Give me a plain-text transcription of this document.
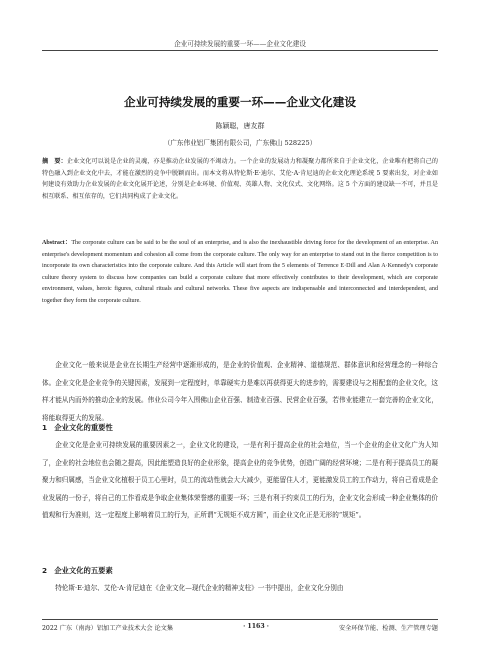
企业可持续发展的重要一环——企业文化建设
企业可持续发展的重要一环——企业文化建设
陈颖聪，唐友群
（广东伟业铝厂集团有限公司，广东佛山 528225）
摘　要：企业文化可以说是企业的灵魂，亦是推动企业发展的不竭动力。一个企业的发展动力和凝聚力都所来自于企业文化，企业唯有把将自己的特色融入到企业文化中去，才能在激烈的竞争中脱颖而出。而本文将从特伦斯·E·迪尔、艾伦·A·肯尼迪的企业文化理论系统 5 要素出发，对企业如何建设有效助力企业发展的企业文化展开论述，分别是企业环境、价值观、英雄人物、文化仪式、文化网络。这 5 个方面的建设缺一不可，并且是相互联系、相互依存的，它们共同构成了企业文化。
Abstract：The corporate culture can be said to be the soul of an enterprise, and is also the inexhaustible driving force for the development of an enterprise. An enterprise's development momentum and cohesion all come from the corporate culture. The only way for an enterprise to stand out in the fierce competition is to incorporate its own characteristics into the corporate culture. And this Article will start from the 5 elements of Terrence E·Dill and Alan A·Kennedy's corporate culture theory system to discuss how companies can build a corporate culture that more effectively contributes to their development, which are corporate environment, values, heroic figures, cultural rituals and cultural networks. These five aspects are indispensable and interconnected and interdependent, and together they form the corporate culture.
企业文化一般来说是企业在长期生产经营中逐渐形成的，是企业的价值观、企业精神、道德规范、群体意识和经营理念的一种综合体。企业文化是企业竞争的关键因素，发展到一定程度时，单靠硬实力是难以再获得更大的进步的，需要建设与之相配套的企业文化，这样才能从内而外的推动企业的发展。伟业公司今年入围佛山企业百强、制造业百强、民营企业百强，若伟业能建立一套完善的企业文化，将能取得更大的发展。
1　企业文化的重要性
企业文化是企业可持续发展的重要因素之一，企业文化的建设，一是有利于提高企业的社会地位，当一个企业的企业文化广为人知了，企业的社会地位也会随之提高，因此能塑造良好的企业形象，提高企业的竞争优势，创造广阔的经营环境；二是有利于提高员工的凝聚力和归属感，当企业文化植根于员工心里时，员工的流动性就会大大减少，更能留住人才，更能激发员工的工作动力，将自己看成是企业发展的一份子，将自己的工作看成是争取企业集体荣誉感的重要一环；三是有利于约束员工的行为，企业文化会形成一种企业集体的价值观和行为准则，这一定程度上影响着员工的行为，正所谓“无规矩不成方圆”，而企业文化正是无形的“规矩”。
2　企业文化的五要素
特伦斯·E·迪尔、艾伦·A·肯尼迪在《企业文化—现代企业的精神支柱》一书中提出，企业文化分别由
2022 广东（南海）铝加工产业技术大会 论文集	· 1163 ·	安全环保节能、检测、生产管理专题
